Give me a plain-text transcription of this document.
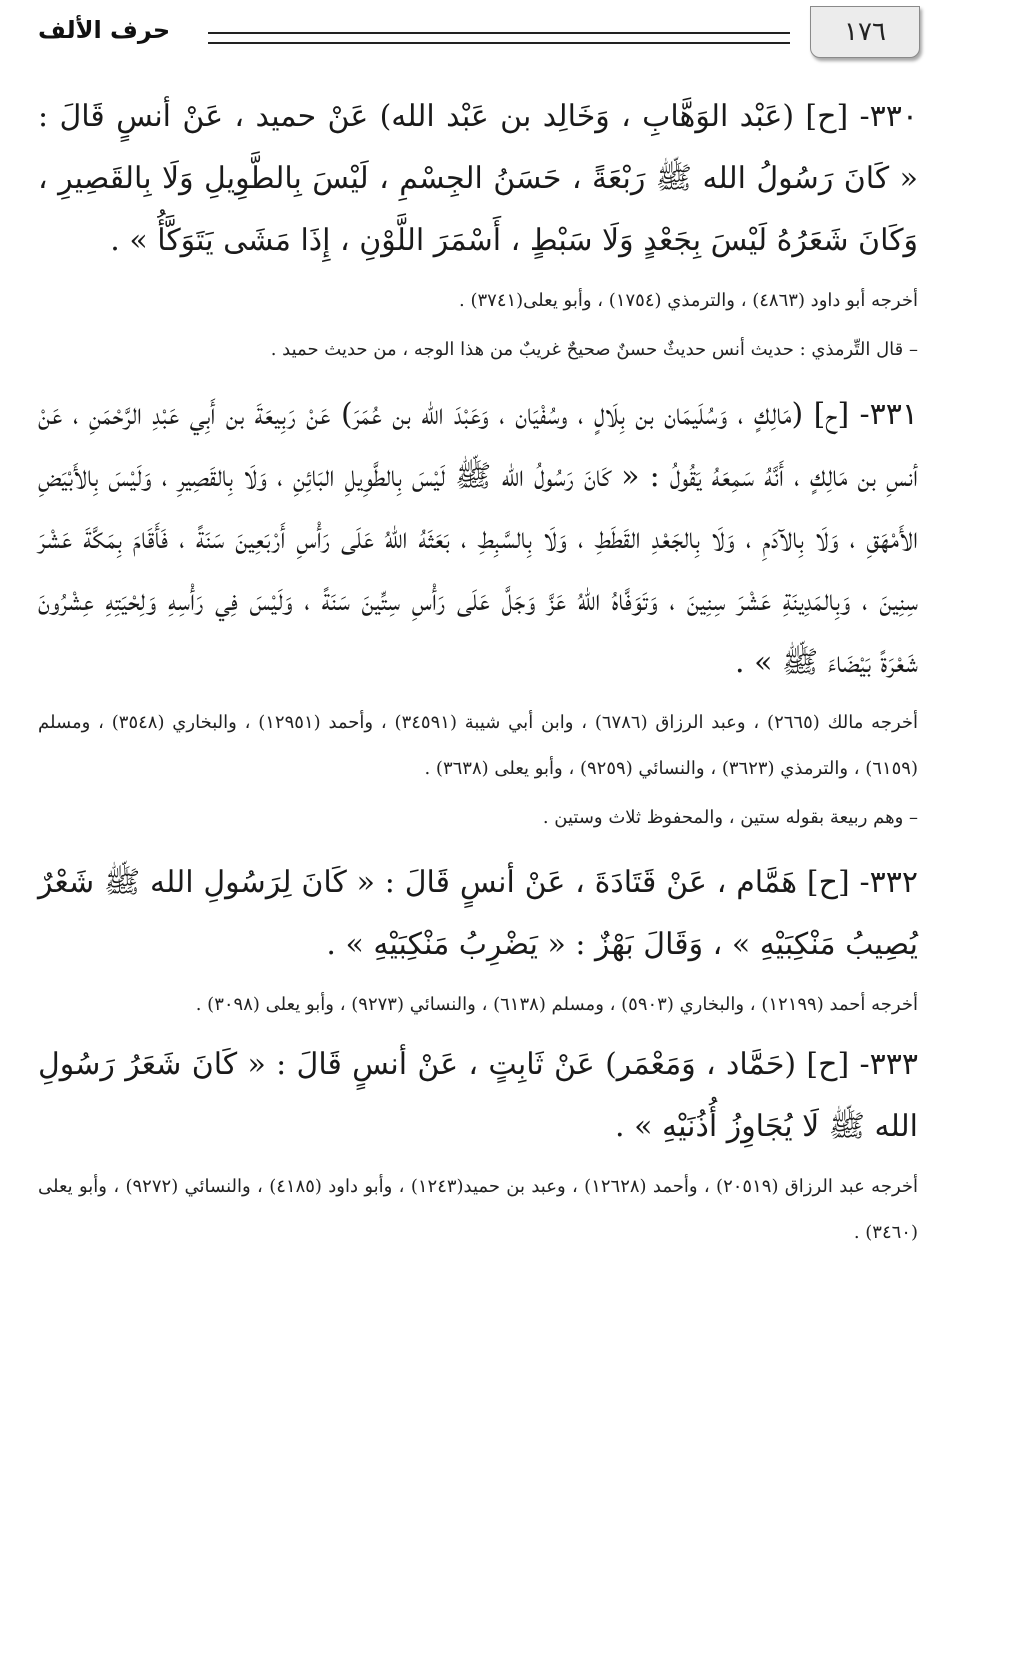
١٧٦
حرف الألف

٣٣٠- [ح] (عَبْد الوَهَّابِ ، وَخَالِد بن عَبْد الله) عَنْ حميد ، عَنْ أنسٍ قَالَ : « كَانَ رَسُولُ الله ﷺ رَبْعَةً ، حَسَنُ الجِسْمِ ، لَيْسَ بِالطَّوِيلِ وَلَا بِالقَصِيرِ ، وَكَانَ شَعَرُهُ لَيْسَ بِجَعْدٍ وَلَا سَبْطٍ ، أَسْمَرَ اللَّوْنِ ، إِذَا مَشَى يَتَوَكَّأُ » .

أخرجه أبو داود (٤٨٦٣) ، والترمذي (١٧٥٤) ، وأبو يعلى(٣٧٤١) .

– قال التِّرمذي : حديث أنس حديثٌ حسنٌ صحيحٌ غريبٌ من هذا الوجه ، من حديث حميد .

٣٣١- [ح] (مَالِكٍ ، وَسُلَيمَان بن بِلَالٍ ، وسُفْيَان ، وَعَبْدَ الله بن عُمَرَ) عَنْ رَبِيعَةَ بن أَبِي عَبْدِ الرَّحْمَنِ ، عَنْ أنسِ بن مَالِكٍ ، أَنَّهُ سَمِعَهُ يَقُولُ : « كَانَ رَسُولُ الله ﷺ لَيْسَ بِالطَّوِيلِ البَائِنِ ، وَلَا بِالقَصِيرِ ، وَلَيْسَ بِالأَبْيَضِ الأَمْهَقِ ، وَلَا بِالآدَمِ ، وَلَا بِالجَعْدِ القَطَطِ ، وَلَا بِالسَّبِطِ ، بَعَثَهُ اللهُ عَلَى رَأْسِ أَرْبَعِينَ سَنَةً ، فَأَقَامَ بِمَكَّةَ عَشْرَ سِنِينَ ، وَبِالمَدِينَةِ عَشْرَ سِنِينَ ، وَتَوَفَّاهُ اللهُ عَزَّ وَجَلَّ عَلَى رَأْسِ سِتِّينَ سَنَةً ، وَلَيْسَ فِي رَأْسِهِ وَلِحْيَتِهِ عِشْرُونَ شَعْرَةً بَيْضَاءَ ﷺ » .

أخرجه مالك (٢٦٦٥) ، وعبد الرزاق (٦٧٨٦) ، وابن أبي شيبة (٣٤٥٩١) ، وأحمد (١٢٩٥١) ، والبخاري (٣٥٤٨) ، ومسلم (٦١٥٩) ، والترمذي (٣٦٢٣) ، والنسائي (٩٢٥٩) ، وأبو يعلى (٣٦٣٨) .

– وهم ربيعة بقوله ستين ، والمحفوظ ثلاث وستين .

٣٣٢- [ح] هَمَّام ، عَنْ قَتَادَةَ ، عَنْ أنسٍ قَالَ : « كَانَ لِرَسُولِ الله ﷺ شَعْرٌ يُصِيبُ مَنْكِبَيْهِ » ، وَقَالَ بَهْزٌ : « يَضْرِبُ مَنْكِبَيْهِ » .

أخرجه أحمد (١٢١٩٩) ، والبخاري (٥٩٠٣) ، ومسلم (٦١٣٨) ، والنسائي (٩٢٧٣) ، وأبو يعلى (٣٠٩٨) .

٣٣٣- [ح] (حَمَّاد ، وَمَعْمَر) عَنْ ثَابِتٍ ، عَنْ أنسٍ قَالَ : « كَانَ شَعَرُ رَسُولِ الله ﷺ لَا يُجَاوِزُ أُذُنَيْهِ » .

أخرجه عبد الرزاق (٢٠٥١٩) ، وأحمد (١٢٦٢٨) ، وعبد بن حميد(١٢٤٣) ، وأبو داود (٤١٨٥) ، والنسائي (٩٢٧٢) ، وأبو يعلى (٣٤٦٠) .
